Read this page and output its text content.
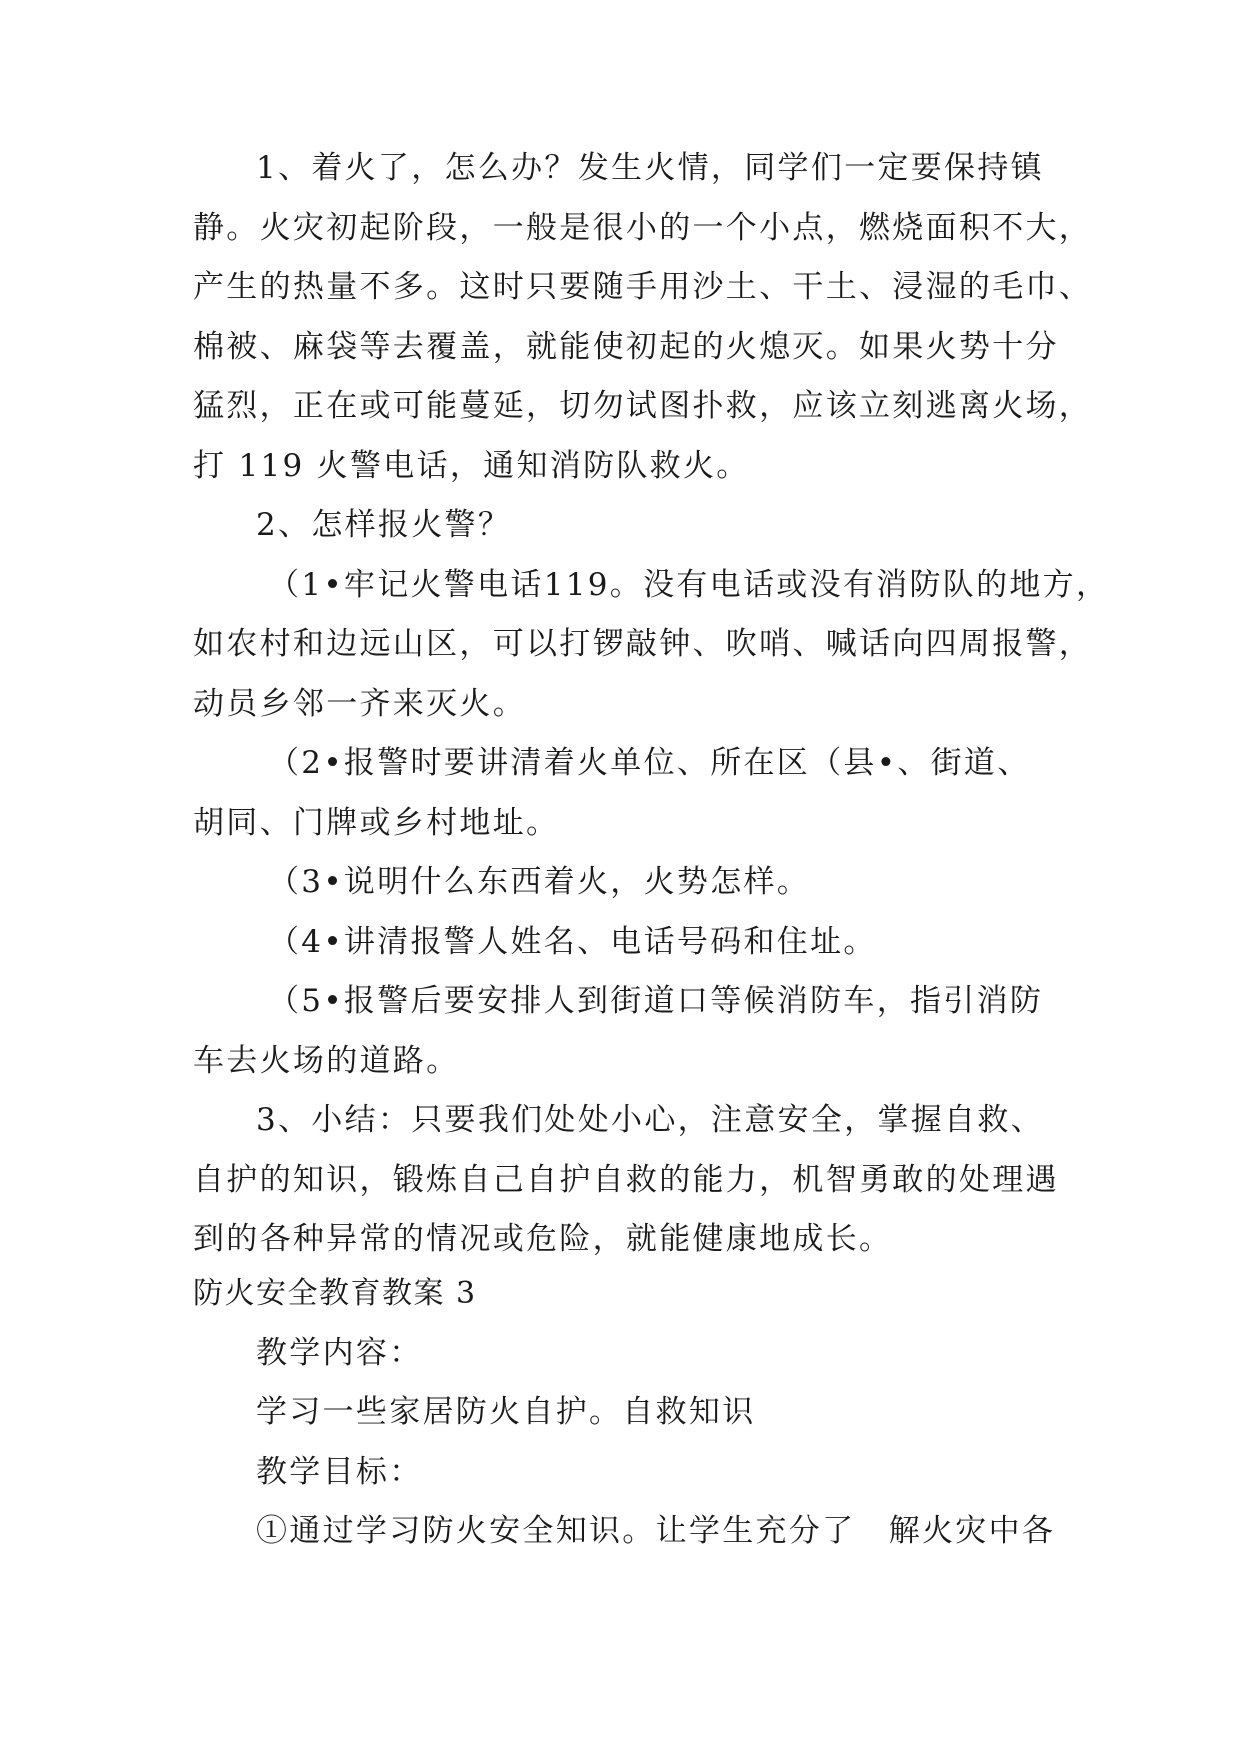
1、着火了，怎么办？发生火情，同学们一定要保持镇
静。火灾初起阶段，一般是很小的一个小点，燃烧面积不大，
产生的热量不多。这时只要随手用沙土、干土、浸湿的毛巾、
棉被、麻袋等去覆盖，就能使初起的火熄灭。如果火势十分
猛烈，正在或可能蔓延，切勿试图扑救，应该立刻逃离火场，
打 119 火警电话，通知消防队救火。
2、怎样报火警？
（1•牢记火警电话119。没有电话或没有消防队的地方，
如农村和边远山区，可以打锣敲钟、吹哨、喊话向四周报警，
动员乡邻一齐来灭火。
（2•报警时要讲清着火单位、所在区（县•、街道、
胡同、门牌或乡村地址。
（3•说明什么东西着火，火势怎样。
（4•讲清报警人姓名、电话号码和住址。
（5•报警后要安排人到街道口等候消防车，指引消防
车去火场的道路。
3、小结：只要我们处处小心，注意安全，掌握自救、
自护的知识，锻炼自己自护自救的能力，机智勇敢的处理遇
到的各种异常的情况或危险，就能健康地成长。
防火安全教育教案 3
教学内容：
学习一些家居防火自护。自救知识
教学目标：
①通过学习防火安全知识。让学生充分了　解火灾中各
